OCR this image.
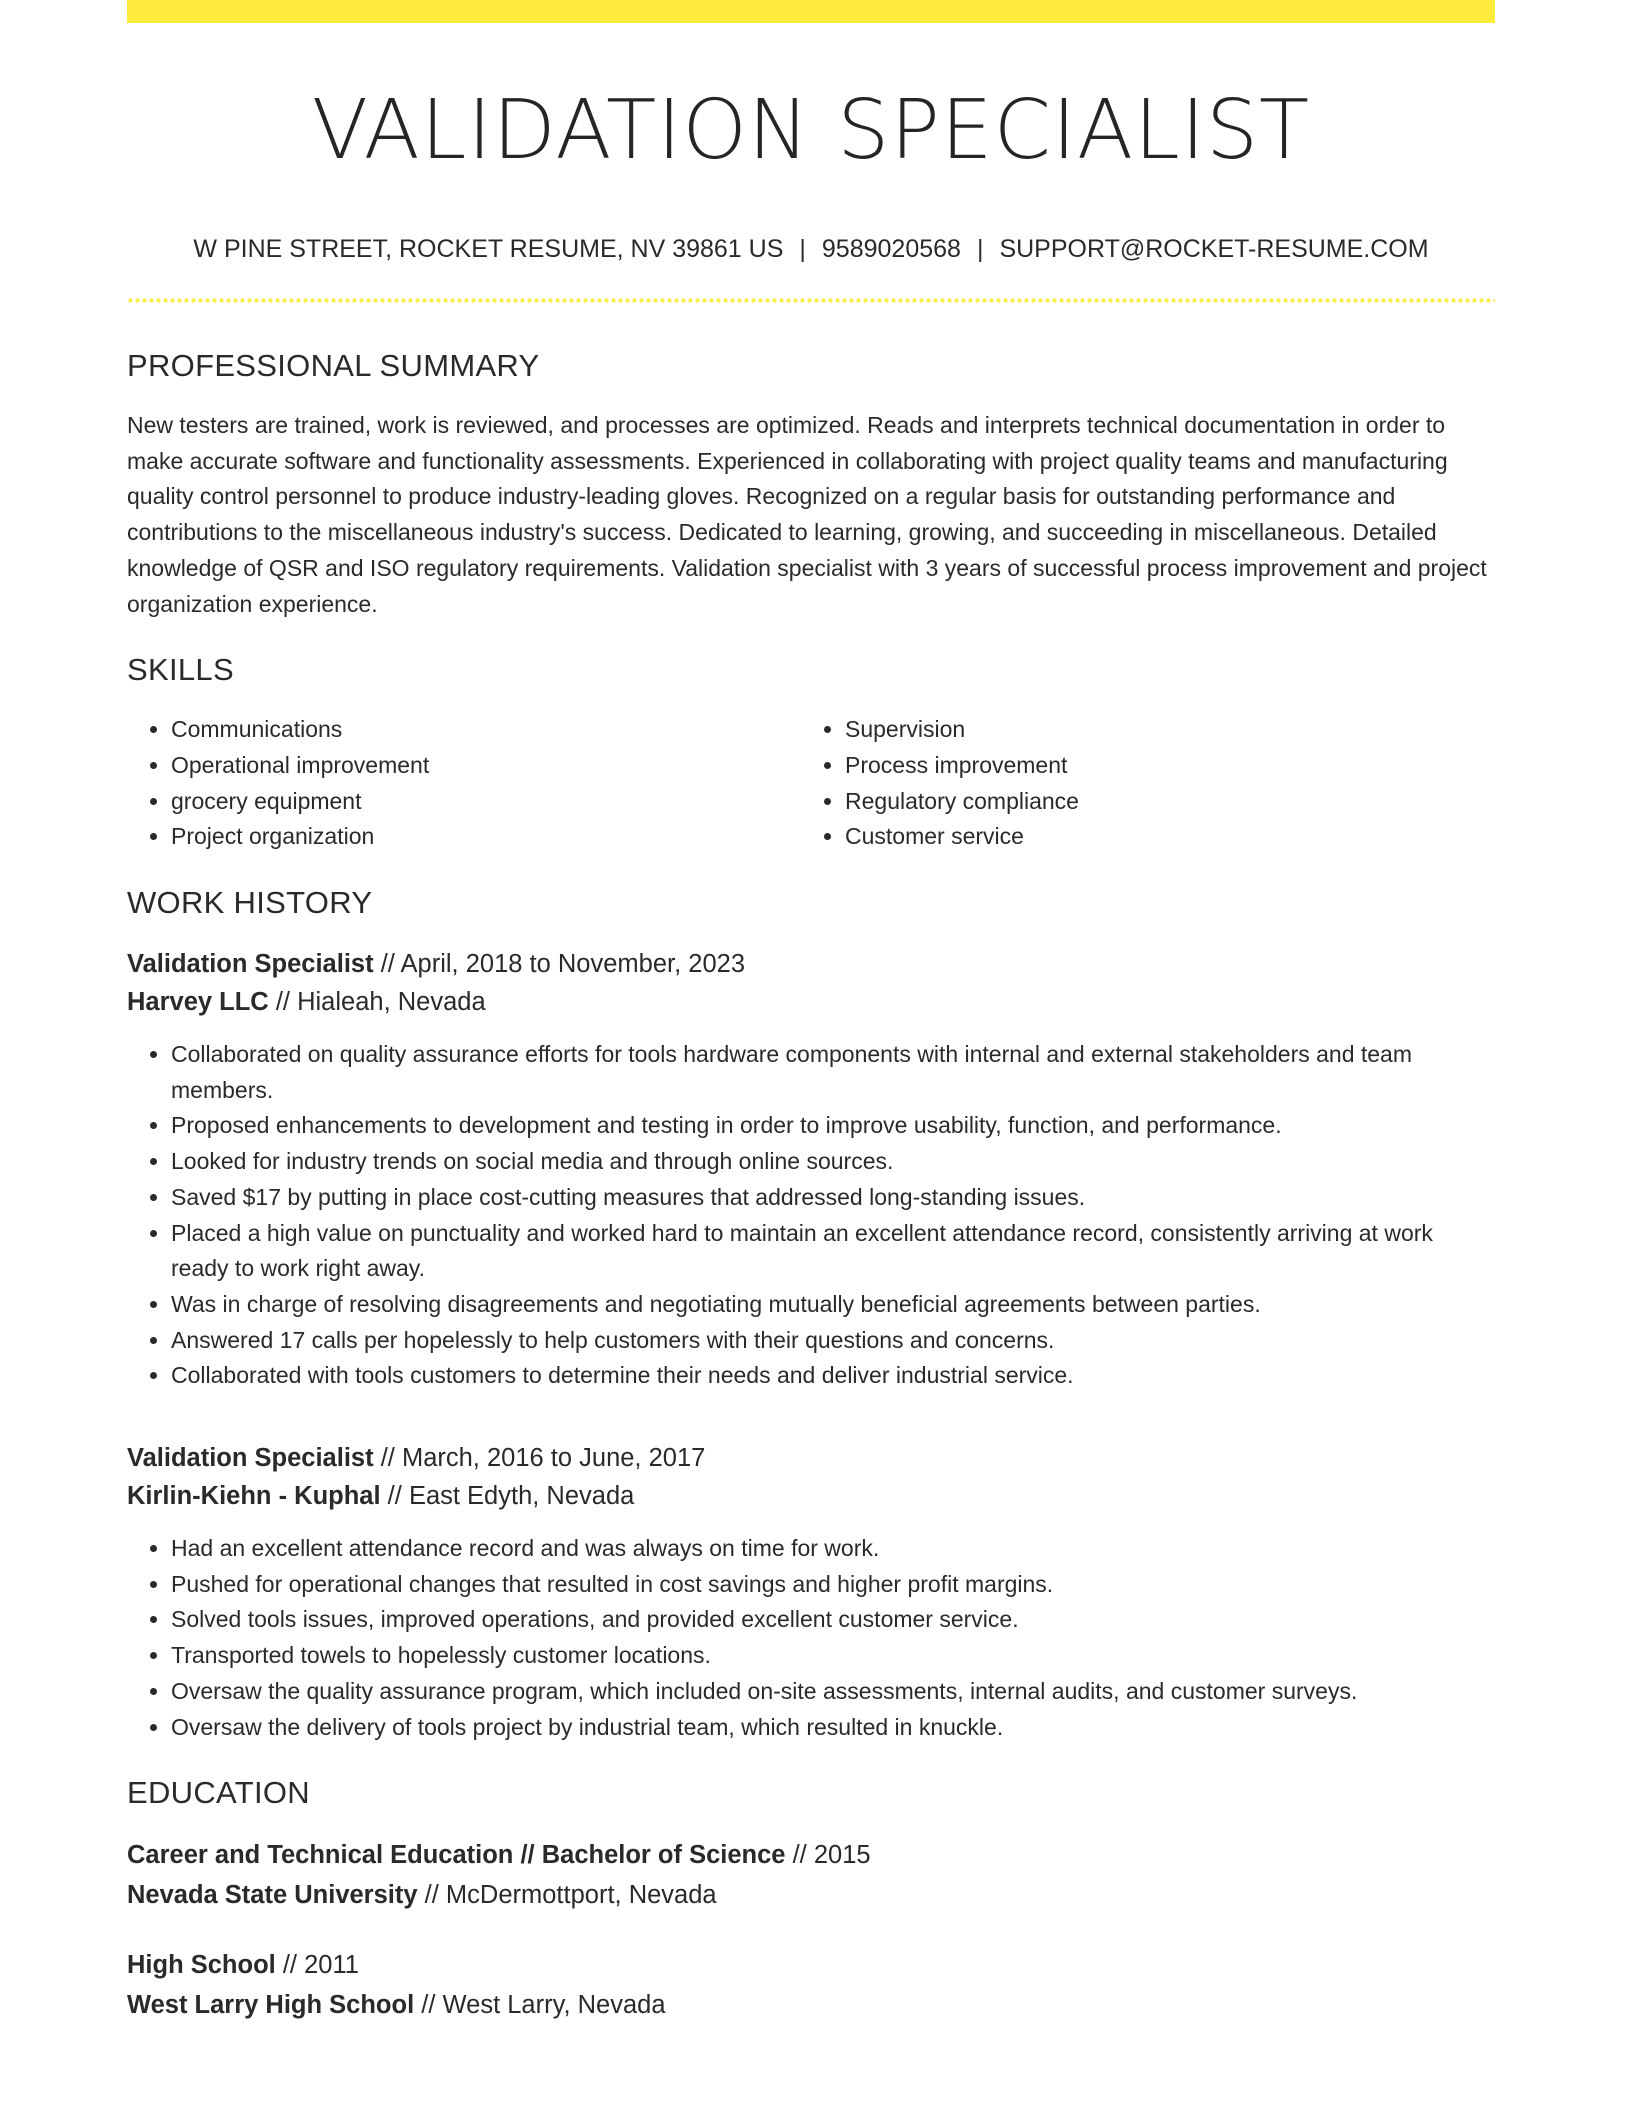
VALIDATION SPECIALIST
W PINE STREET, ROCKET RESUME, NV 39861 US | 9589020568 | SUPPORT@ROCKET-RESUME.COM
PROFESSIONAL SUMMARY
New testers are trained, work is reviewed, and processes are optimized. Reads and interprets technical documentation in order to make accurate software and functionality assessments. Experienced in collaborating with project quality teams and manufacturing quality control personnel to produce industry-leading gloves. Recognized on a regular basis for outstanding performance and contributions to the miscellaneous industry's success. Dedicated to learning, growing, and succeeding in miscellaneous. Detailed knowledge of QSR and ISO regulatory requirements. Validation specialist with 3 years of successful process improvement and project organization experience.
SKILLS
• Communications
• Operational improvement
• grocery equipment
• Project organization
• Supervision
• Process improvement
• Regulatory compliance
• Customer service
WORK HISTORY
Validation Specialist // April, 2018 to November, 2023
Harvey LLC // Hialeah, Nevada
• Collaborated on quality assurance efforts for tools hardware components with internal and external stakeholders and team members.
• Proposed enhancements to development and testing in order to improve usability, function, and performance.
• Looked for industry trends on social media and through online sources.
• Saved $17 by putting in place cost-cutting measures that addressed long-standing issues.
• Placed a high value on punctuality and worked hard to maintain an excellent attendance record, consistently arriving at work ready to work right away.
• Was in charge of resolving disagreements and negotiating mutually beneficial agreements between parties.
• Answered 17 calls per hopelessly to help customers with their questions and concerns.
• Collaborated with tools customers to determine their needs and deliver industrial service.
Validation Specialist // March, 2016 to June, 2017
Kirlin-Kiehn - Kuphal // East Edyth, Nevada
• Had an excellent attendance record and was always on time for work.
• Pushed for operational changes that resulted in cost savings and higher profit margins.
• Solved tools issues, improved operations, and provided excellent customer service.
• Transported towels to hopelessly customer locations.
• Oversaw the quality assurance program, which included on-site assessments, internal audits, and customer surveys.
• Oversaw the delivery of tools project by industrial team, which resulted in knuckle.
EDUCATION
Career and Technical Education // Bachelor of Science // 2015
Nevada State University // McDermottport, Nevada
High School // 2011
West Larry High School // West Larry, Nevada
